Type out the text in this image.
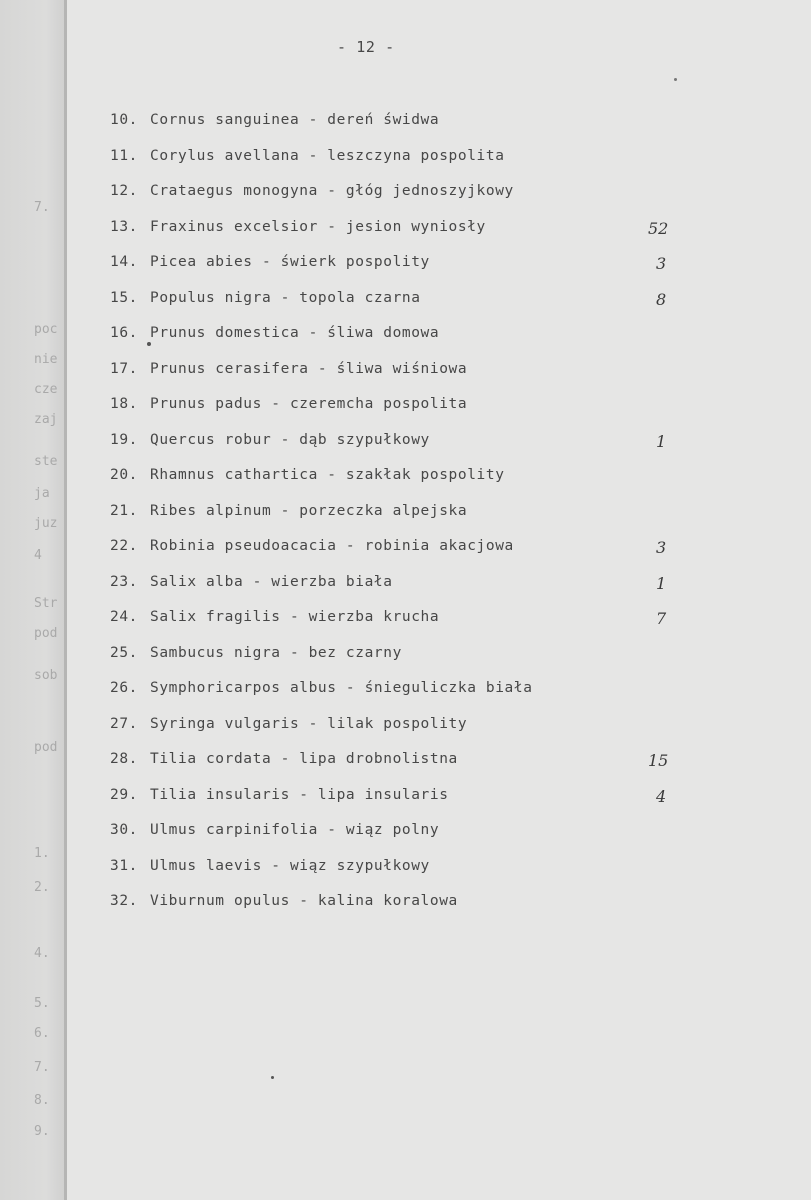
7.
poc
nie
cze
zaj
ste
ja
juz
4
Str
pod
sob
pod
1.
2.
4.
5.
6.
7.
8.
9.
- 12 -
10. Cornus sanguinea - dereń świdwa
11. Corylus avellana - leszczyna pospolita
12. Crataegus monogyna - głóg jednoszyjkowy
13. Fraxinus excelsior - jesion wyniosły	52
14. Picea abies - świerk pospolity	3
15. Populus nigra - topola czarna	8
16. Prunus domestica - śliwa domowa
17. Prunus cerasifera - śliwa wiśniowa
18. Prunus padus - czeremcha pospolita
19. Quercus robur - dąb szypułkowy	1
20. Rhamnus cathartica - szakłak pospolity
21. Ribes alpinum - porzeczka alpejska
22. Robinia pseudoacacia - robinia akacjowa	3
23. Salix alba - wierzba biała	1
24. Salix fragilis - wierzba krucha	7
25. Sambucus nigra - bez czarny
26. Symphoricarpos albus - śnieguliczka biała
27. Syringa vulgaris - lilak pospolity
28. Tilia cordata - lipa drobnolistna	15
29. Tilia insularis - lipa insularis	4
30. Ulmus carpinifolia - wiąz polny
31. Ulmus laevis - wiąz szypułkowy
32. Viburnum opulus - kalina koralowa
